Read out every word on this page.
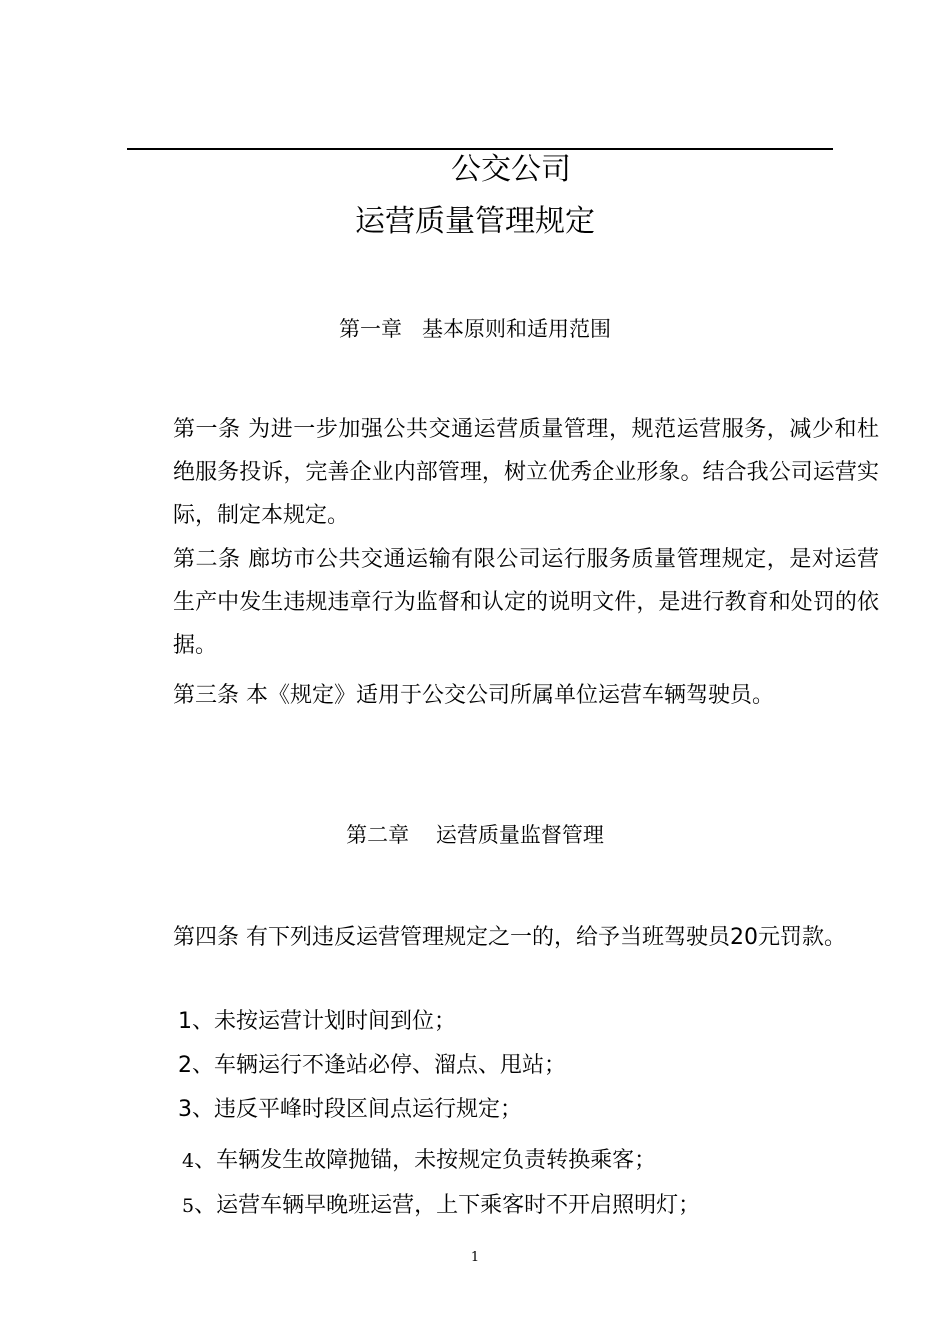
公交公司
运营质量管理规定
第一章   基本原则和适用范围
第一条 为进一步加强公共交通运营质量管理，规范运营服务，减少和杜绝服务投诉，完善企业内部管理，树立优秀企业形象。结合我公司运营实际，制定本规定。
第二条 廊坊市公共交通运输有限公司运行服务质量管理规定，是对运营生产中发生违规违章行为监督和认定的说明文件，是进行教育和处罚的依据。
第三条 本《规定》适用于公交公司所属单位运营车辆驾驶员。
第二章    运营质量监督管理
第四条 有下列违反运营管理规定之一的，给予当班驾驶员20元罚款。
1、未按运营计划时间到位；
2、车辆运行不逢站必停、溜点、甩站；
3、违反平峰时段区间点运行规定；
4、车辆发生故障抛锚，未按规定负责转换乘客；
5、运营车辆早晚班运营，上下乘客时不开启照明灯；
1
